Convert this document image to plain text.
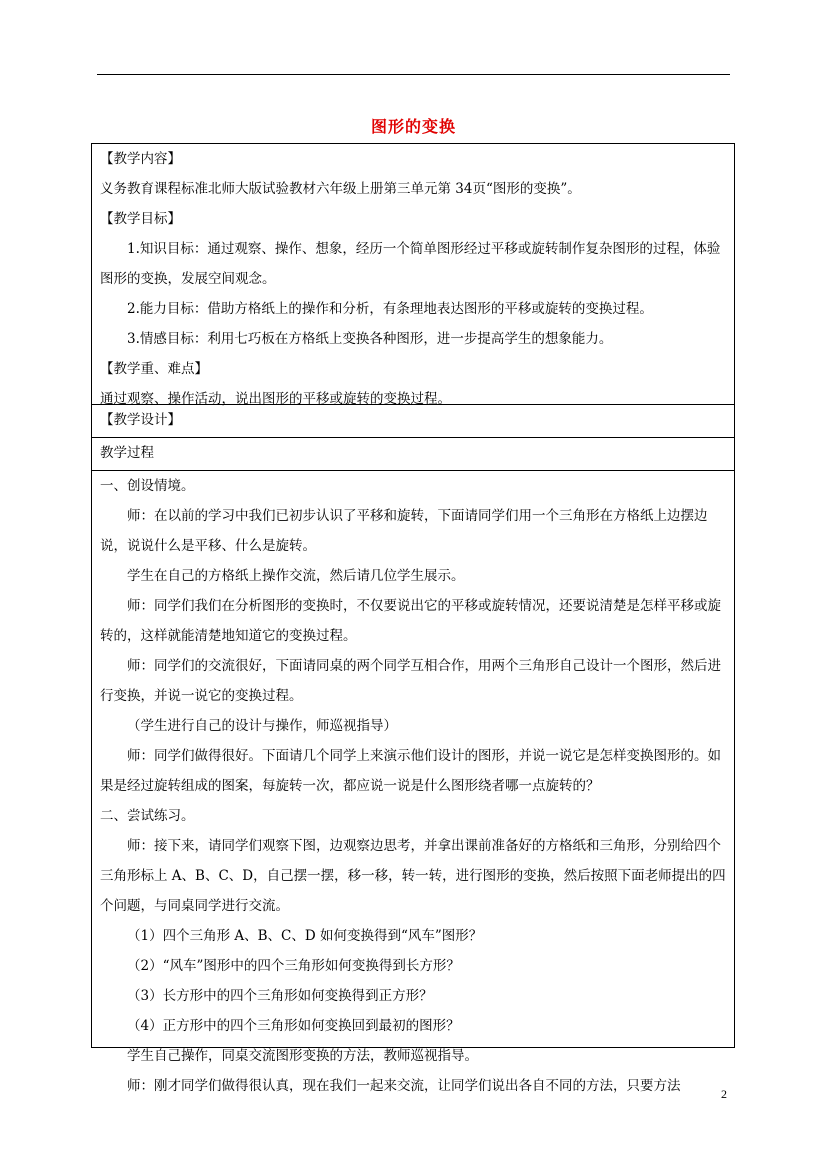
图形的变换
【教学内容】
义务教育课程标准北师大版试验教材六年级上册第三单元第 34页“图形的变换”。
【教学目标】
1.知识目标：通过观察、操作、想象，经历一个简单图形经过平移或旋转制作复杂图形的过程，体验图形的变换，发展空间观念。
2.能力目标：借助方格纸上的操作和分析，有条理地表达图形的平移或旋转的变换过程。
3.情感目标：利用七巧板在方格纸上变换各种图形，进一步提高学生的想象能力。
【教学重、难点】
通过观察、操作活动，说出图形的平移或旋转的变换过程。
【教学设计】
教学过程
一、创设情境。
师：在以前的学习中我们已初步认识了平移和旋转，下面请同学们用一个三角形在方格纸上边摆边说，说说什么是平移、什么是旋转。
学生在自己的方格纸上操作交流，然后请几位学生展示。
师：同学们我们在分析图形的变换时，不仅要说出它的平移或旋转情况，还要说清楚是怎样平移或旋转的，这样就能清楚地知道它的变换过程。
师：同学们的交流很好，下面请同桌的两个同学互相合作，用两个三角形自己设计一个图形，然后进行变换，并说一说它的变换过程。
（学生进行自己的设计与操作，师巡视指导）
师：同学们做得很好。下面请几个同学上来演示他们设计的图形，并说一说它是怎样变换图形的。如果是经过旋转组成的图案，每旋转一次，都应说一说是什么图形绕者哪一点旋转的？
二、尝试练习。
师：接下来，请同学们观察下图，边观察边思考，并拿出课前准备好的方格纸和三角形，分别给四个三角形标上 A、B、C、D，自己摆一摆，移一移，转一转，进行图形的变换，然后按照下面老师提出的四个问题，与同桌同学进行交流。
（1）四个三角形 A、B、C、D 如何变换得到“风车”图形？
（2）“风车”图形中的四个三角形如何变换得到长方形？
（3）长方形中的四个三角形如何变换得到正方形？
（4）正方形中的四个三角形如何变换回到最初的图形？
学生自己操作，同桌交流图形变换的方法，教师巡视指导。
师：刚才同学们做得很认真，现在我们一起来交流，让同学们说出各自不同的方法，只要方法	2
